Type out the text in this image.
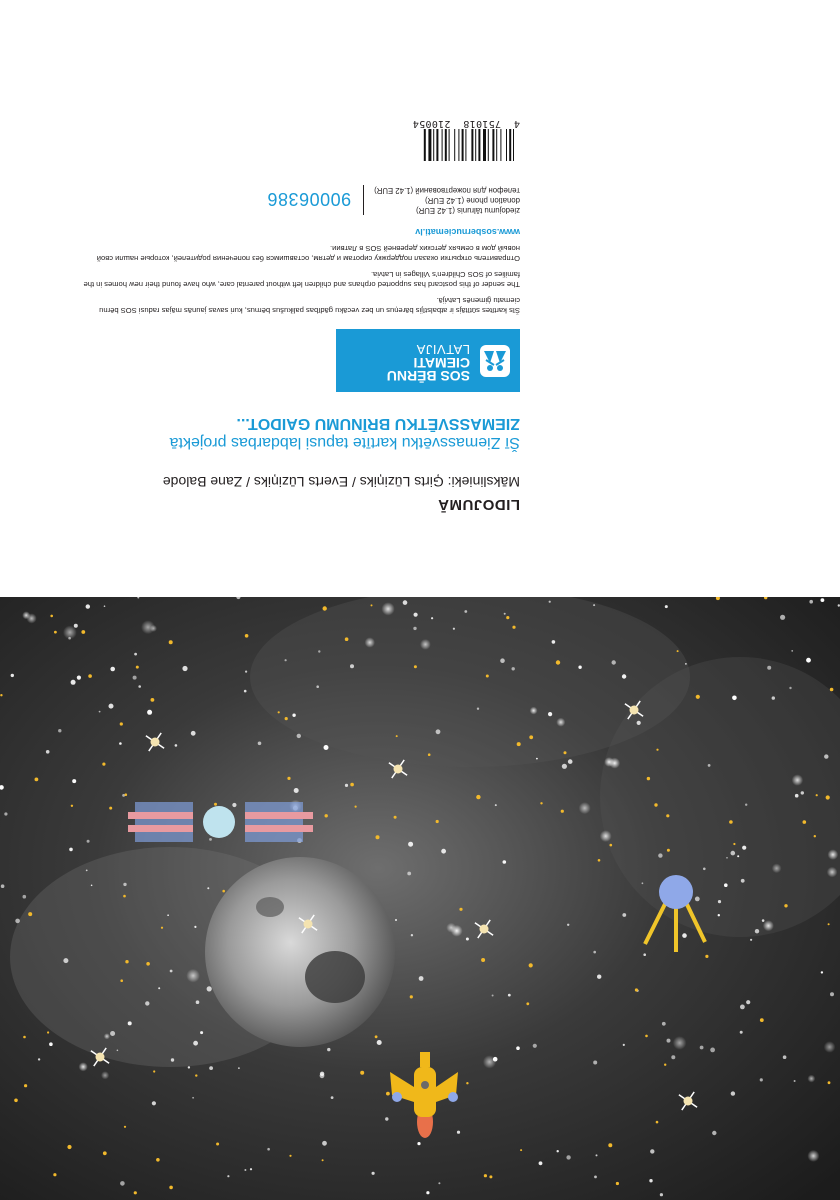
LIDOJUMĀ
Mākslinieki: Ģirts Lūziņiks / Everts Lūziņiks / Zane Balode
Šī Ziemassvētku kartīte tapusi labdarbas projektā
ZIEMASSVĒTKU BRĪNUMU GAIDOT...
SOS BĒRNU
CIEMATI
LATVIJA

Šīs kartītes sūtītājs ir atbalstījis bāreņus un bez vecāku gādības palikušus bērnus, kuri savas jaunās mājas radusi SOS bērnu ciematu ģimenēs Latvijā.

The sender of this postcard has supported orphans and children left without parental care, who have found their new homes in the families of SOS Children's Villages in Latvia.

Отправитель открытки оказал поддержку сиротам и детям, оставшимся без попечения родителей, которые нашли свой новый дом в семьях детских деревней SOS в Латвии.

www.sosbernuciemati.lv
ziedojumu tālrunis (1.42 EUR)
donation phone (1.42 EUR)
телефон для пожертвований (1.42 EUR)
90006386
4  751018  210054
